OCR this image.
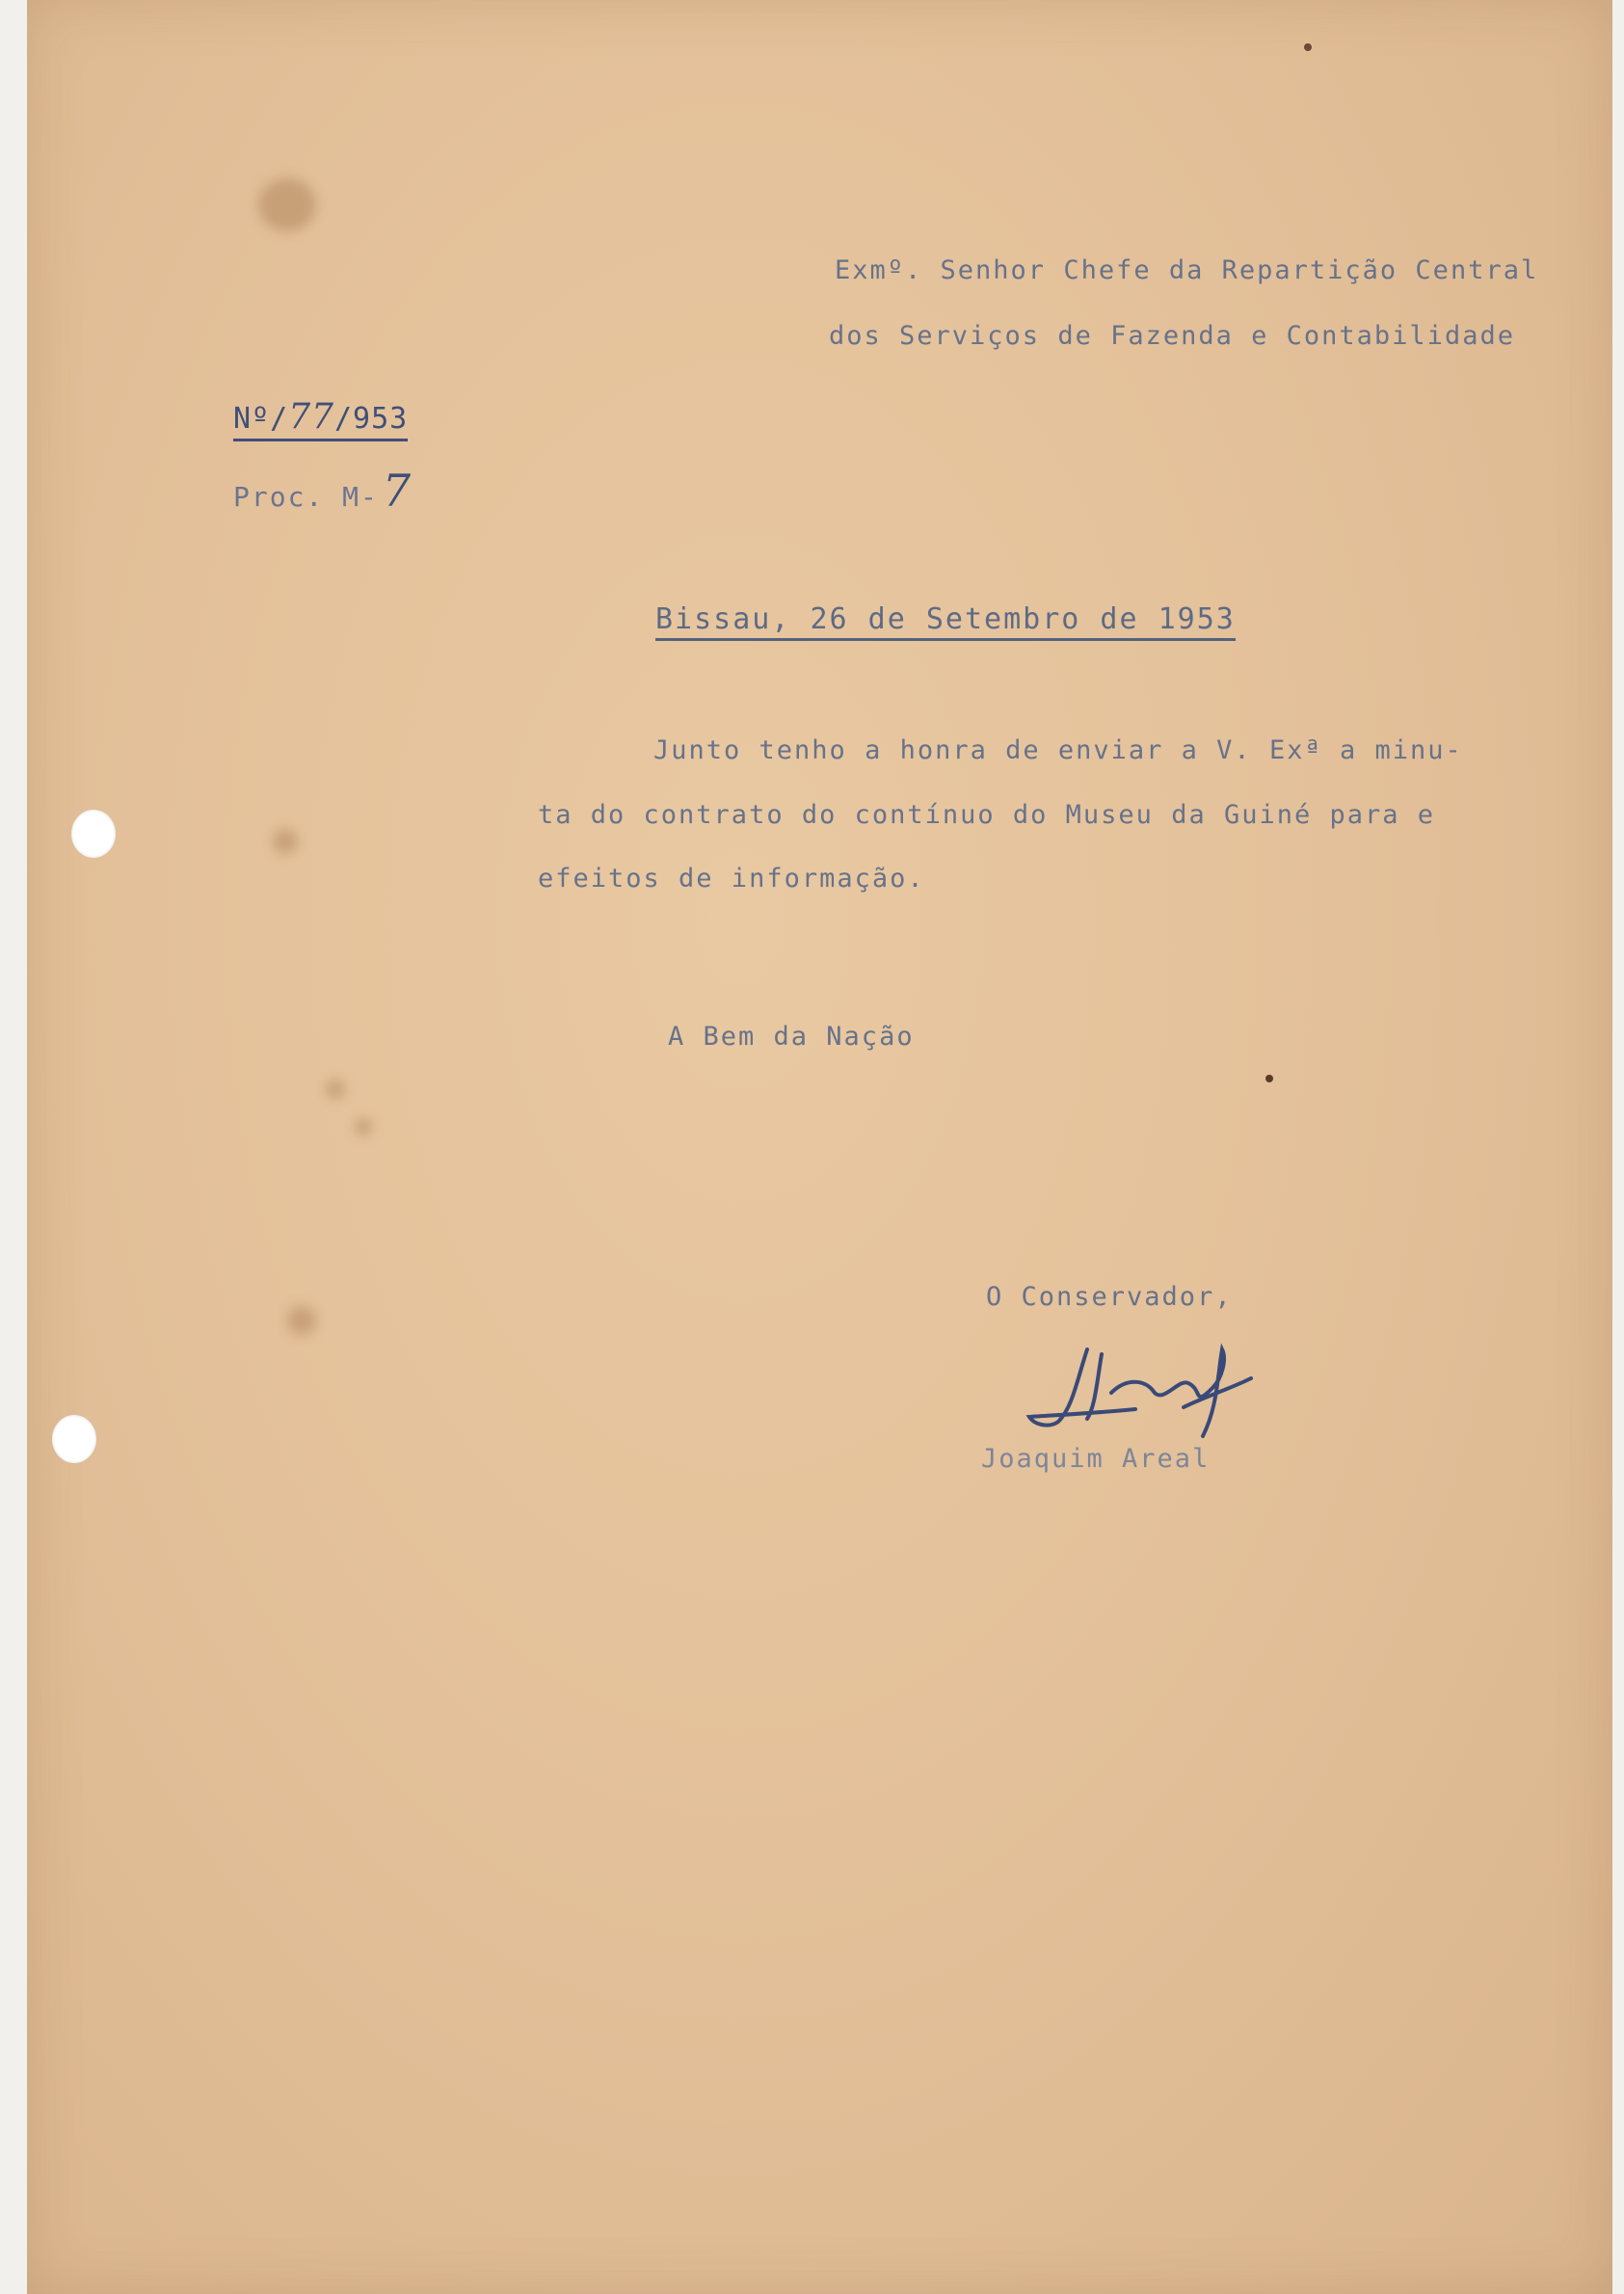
Exmº. Senhor Chefe da Repartição Central
dos Serviços de Fazenda e Contabilidade
Nº/77/953
Proc. M-7
Bissau, 26 de Setembro de 1953
Junto tenho a honra de enviar a V. Exª a minu-
ta do contrato do contínuo do Museu da Guiné para e
efeitos de informação.
A Bem da Nação
O Conservador,
Joaquim Areal
